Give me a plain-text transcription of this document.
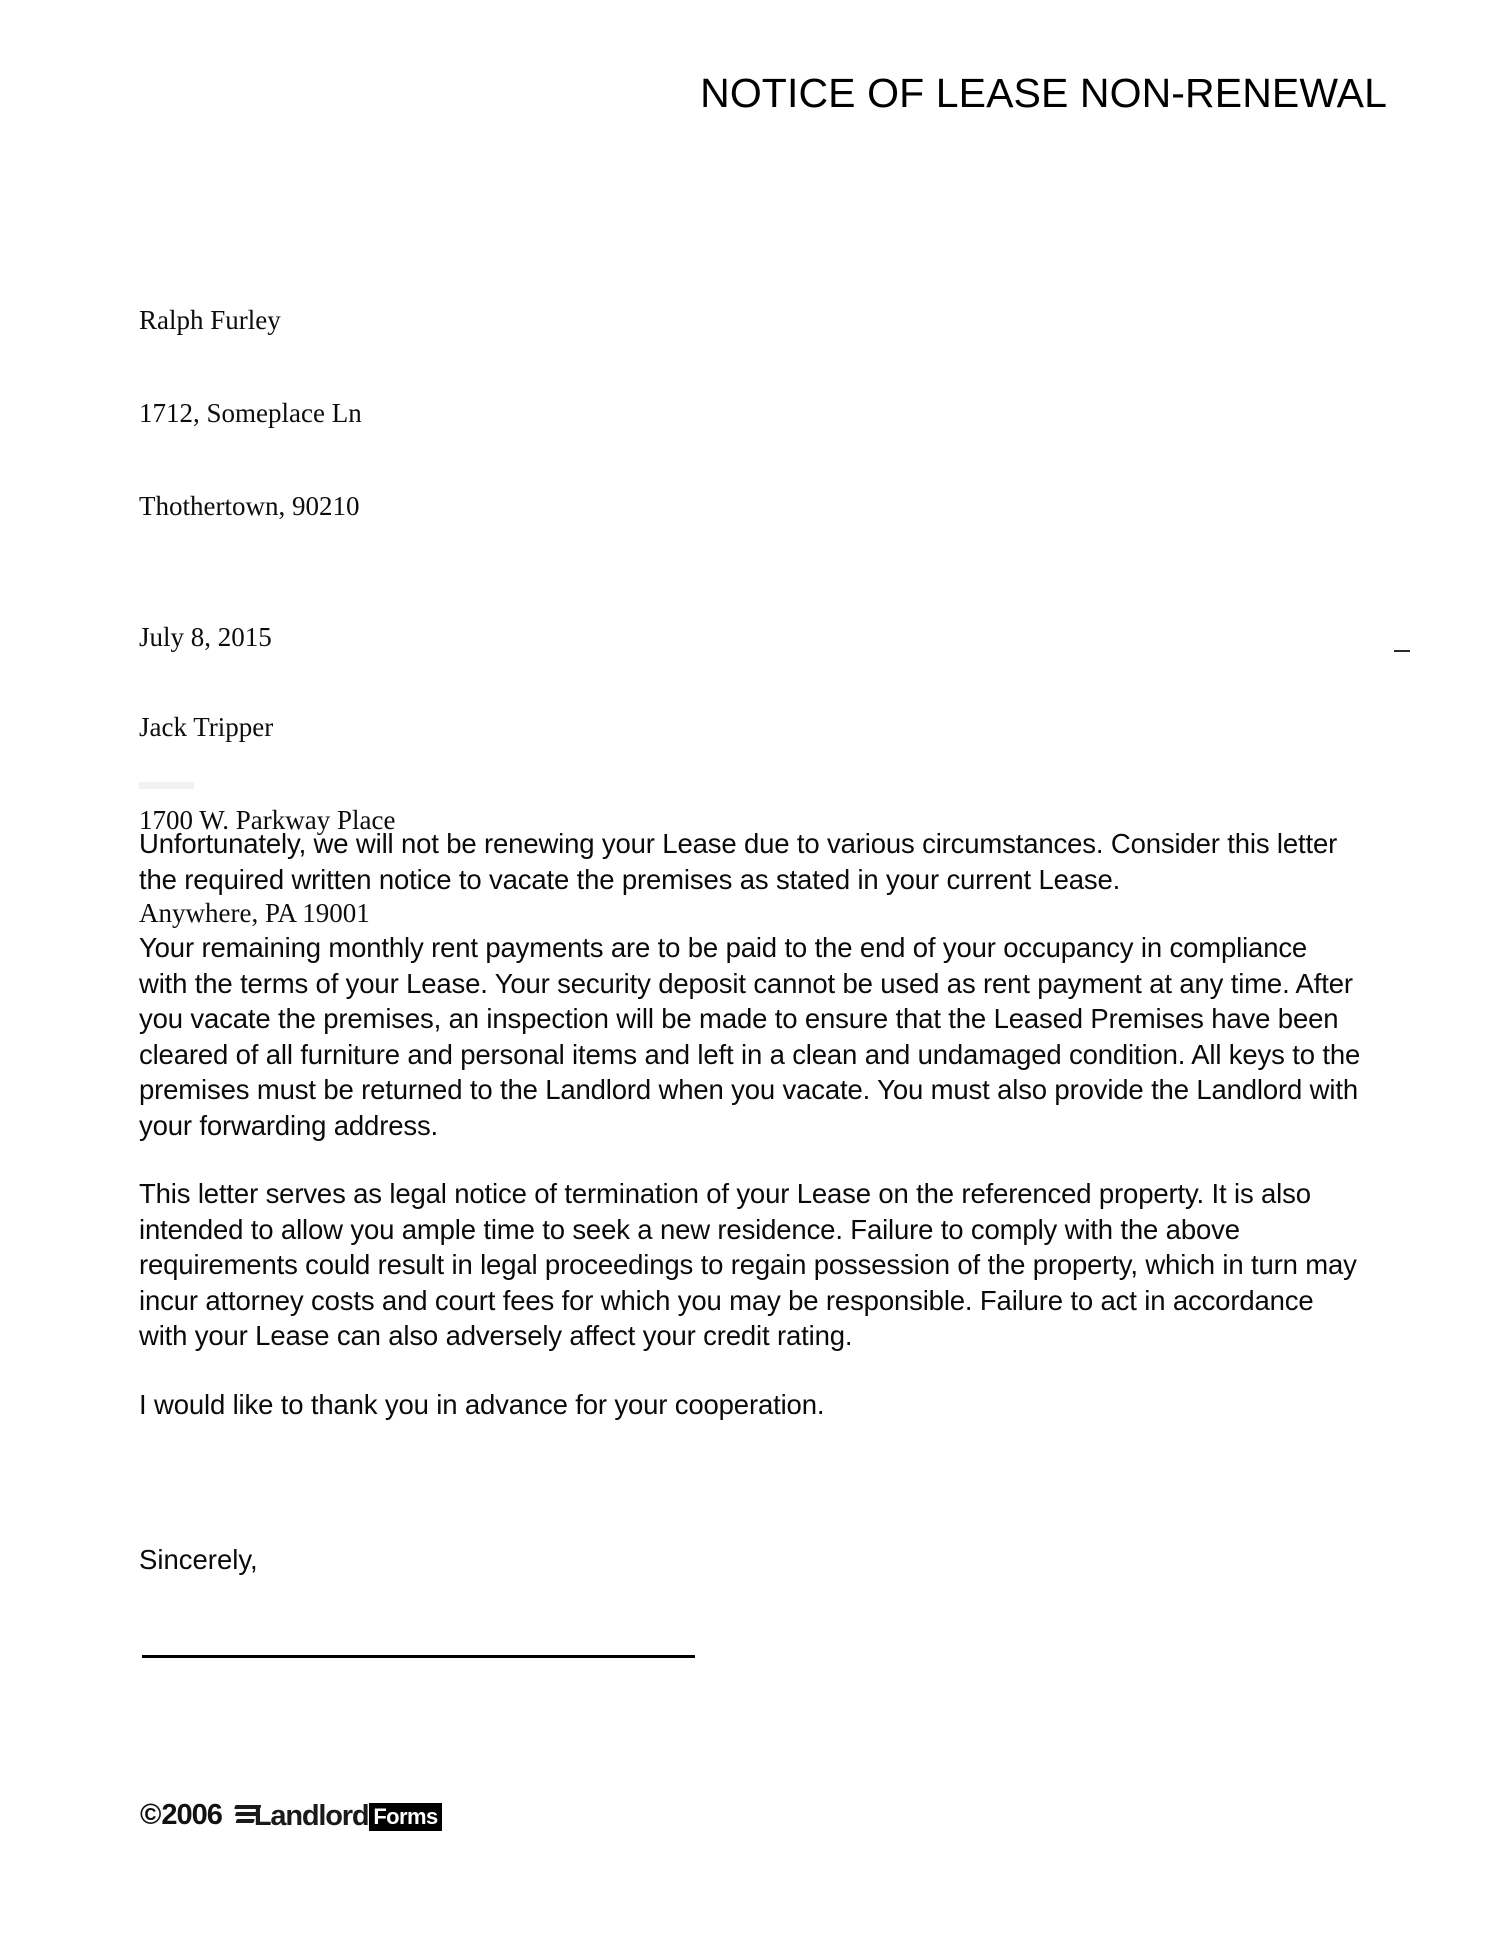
NOTICE OF LEASE NON-RENEWAL

Ralph Furley

1712, Someplace Ln

Thothertown, 90210

July 8, 2015

Jack Tripper

1700 W. Parkway Place

Anywhere, PA 19001

Unfortunately, we will not be renewing your Lease due to various circumstances. Consider this letter the required written notice to vacate the premises as stated in your current Lease.

Your remaining monthly rent payments are to be paid to the end of your occupancy in compliance with the terms of your Lease. Your security deposit cannot be used as rent payment at any time. After you vacate the premises, an inspection will be made to ensure that the Leased Premises have been cleared of all furniture and personal items and left in a clean and undamaged condition. All keys to the premises must be returned to the Landlord when you vacate. You must also provide the Landlord with your forwarding address.

This letter serves as legal notice of termination of your Lease on the referenced property. It is also intended to allow you ample time to seek a new residence. Failure to comply with the above requirements could result in legal proceedings to regain possession of the property, which in turn may incur attorney costs and court fees for which you may be responsible. Failure to act in accordance with your Lease can also adversely affect your credit rating.

I would like to thank you in advance for your cooperation.

Sincerely,
© 2006 Landlord Forms
